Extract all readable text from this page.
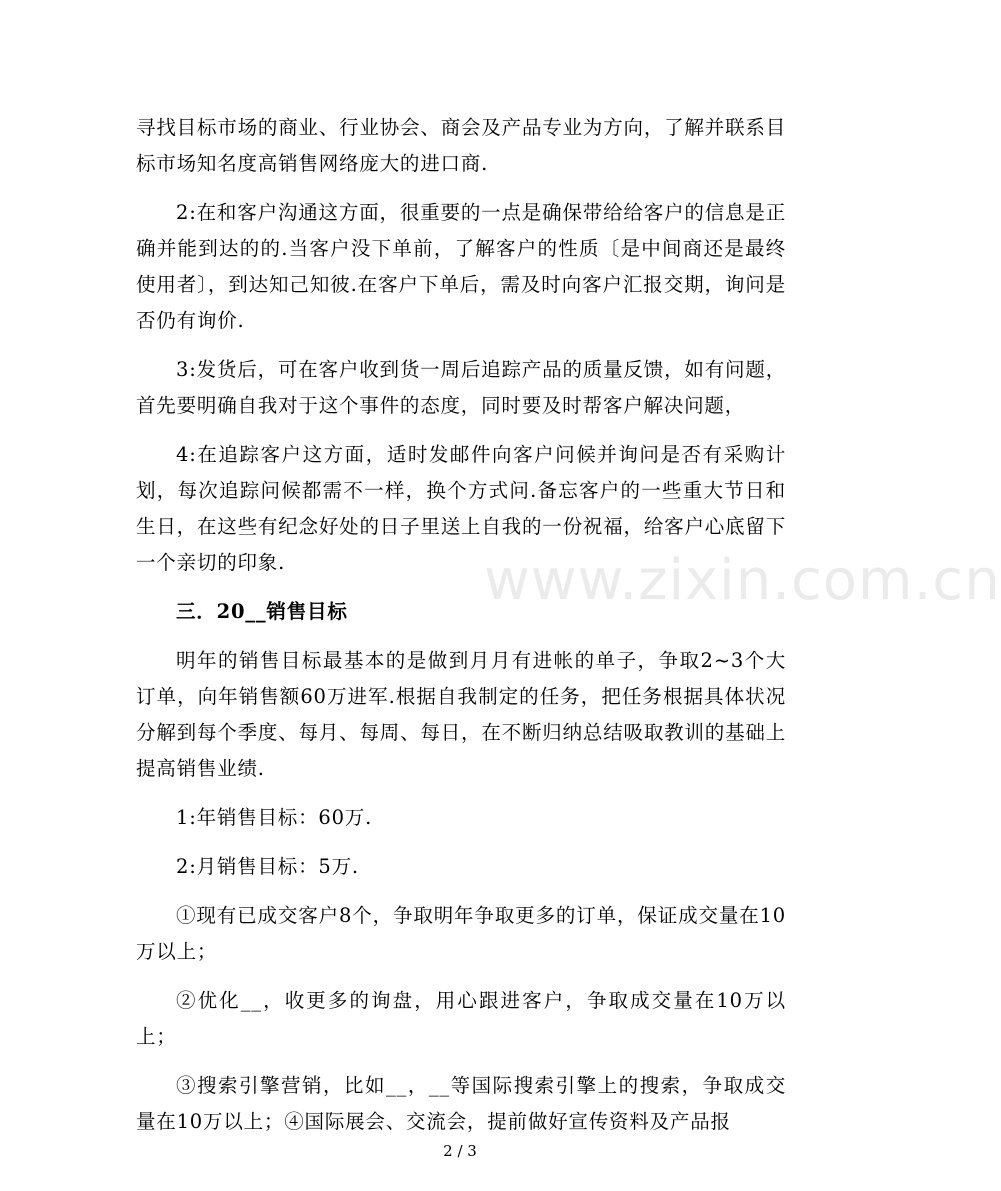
寻找目标市场的商业、行业协会、商会及产品专业为方向，了解并联系目标市场知名度高销售网络庞大的进口商.

2:在和客户沟通这方面，很重要的一点是确保带给给客户的信息是正确并能到达的的.当客户没下单前，了解客户的性质〔是中间商还是最终使用者〕，到达知己知彼.在客户下单后，需及时向客户汇报交期，询问是否仍有询价.

3:发货后，可在客户收到货一周后追踪产品的质量反馈，如有问题，首先要明确自我对于这个事件的态度，同时要及时帮客户解决问题，

4:在追踪客户这方面，适时发邮件向客户问候并询问是否有采购计划，每次追踪问候都需不一样，换个方式问.备忘客户的一些重大节日和生日，在这些有纪念好处的日子里送上自我的一份祝福，给客户心底留下一个亲切的印象.

三．20__销售目标

明年的销售目标最基本的是做到月月有进帐的单子，争取2~3个大订单，向年销售额60万进军.根据自我制定的任务，把任务根据具体状况分解到每个季度、每月、每周、每日，在不断归纳总结吸取教训的基础上提高销售业绩.

1:年销售目标：60万.

2:月销售目标：5万.

①现有已成交客户8个，争取明年争取更多的订单，保证成交量在10万以上；

②优化__，收更多的询盘，用心跟进客户，争取成交量在10万以上；

③搜索引擎营销，比如__，__等国际搜索引擎上的搜索，争取成交量在10万以上；④国际展会、交流会，提前做好宣传资料及产品报

www.zixin.com.cn
2 / 3
